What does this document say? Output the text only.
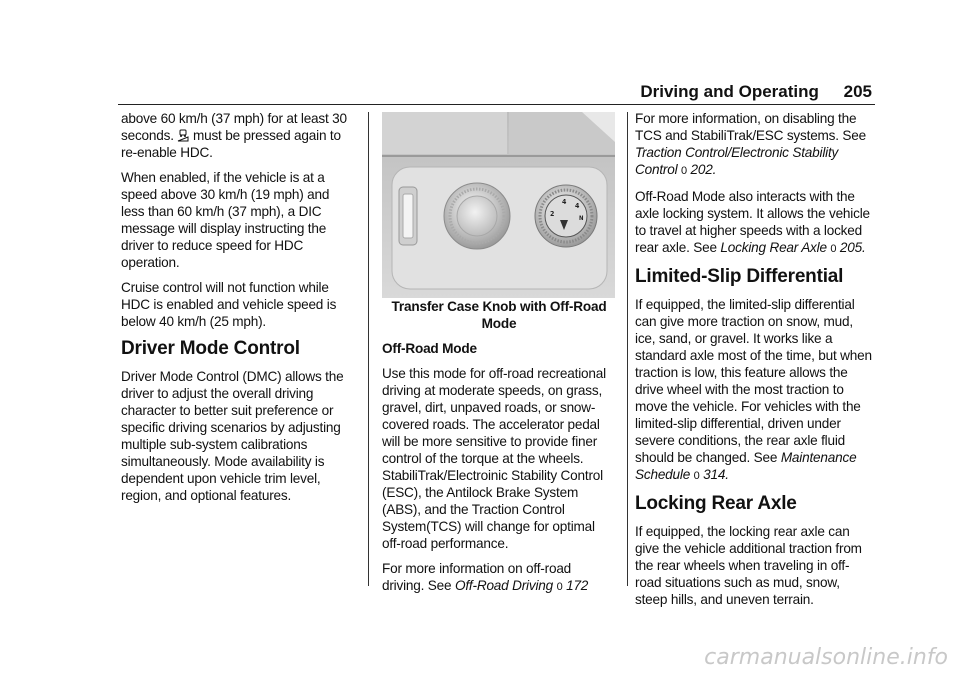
Driving and Operating 205

above 60 km/h (37 mph) for at least 30 seconds. must be pressed again to re-enable HDC.

When enabled, if the vehicle is at a speed above 30 km/h (19 mph) and less than 60 km/h (37 mph), a DIC message will display instructing the driver to reduce speed for HDC operation.

Cruise control will not function while HDC is enabled and vehicle speed is below 40 km/h (25 mph).

Driver Mode Control

Driver Mode Control (DMC) allows the driver to adjust the overall driving character to better suit preference or specific driving scenarios by adjusting multiple sub-system calibrations simultaneously. Mode availability is dependent upon vehicle trim level, region, and optional features.

2
4 4
N

Transfer Case Knob with Off-Road Mode

Off-Road Mode

Use this mode for off-road recreational driving at moderate speeds, on grass, gravel, dirt, unpaved roads, or snow-covered roads. The accelerator pedal will be more sensitive to provide finer control of the torque at the wheels. StabiliTrak/Electroinic Stability Control (ESC), the Antilock Brake System (ABS), and the Traction Control System(TCS) will change for optimal off-road performance.

For more information on off-road driving. See Off-Road Driving 0 172

For more information, on disabling the TCS and StabiliTrak/ESC systems. See Traction Control/Electronic Stability Control 0 202.

Off-Road Mode also interacts with the axle locking system. It allows the vehicle to travel at higher speeds with a locked rear axle. See Locking Rear Axle 0 205.

Limited-Slip Differential

If equipped, the limited-slip differential can give more traction on snow, mud, ice, sand, or gravel. It works like a standard axle most of the time, but when traction is low, this feature allows the drive wheel with the most traction to move the vehicle. For vehicles with the limited-slip differential, driven under severe conditions, the rear axle fluid should be changed. See Maintenance Schedule 0 314.

Locking Rear Axle

If equipped, the locking rear axle can give the vehicle additional traction from the rear wheels when traveling in off-road situations such as mud, snow, steep hills, and uneven terrain.

carmanualsonline.info
